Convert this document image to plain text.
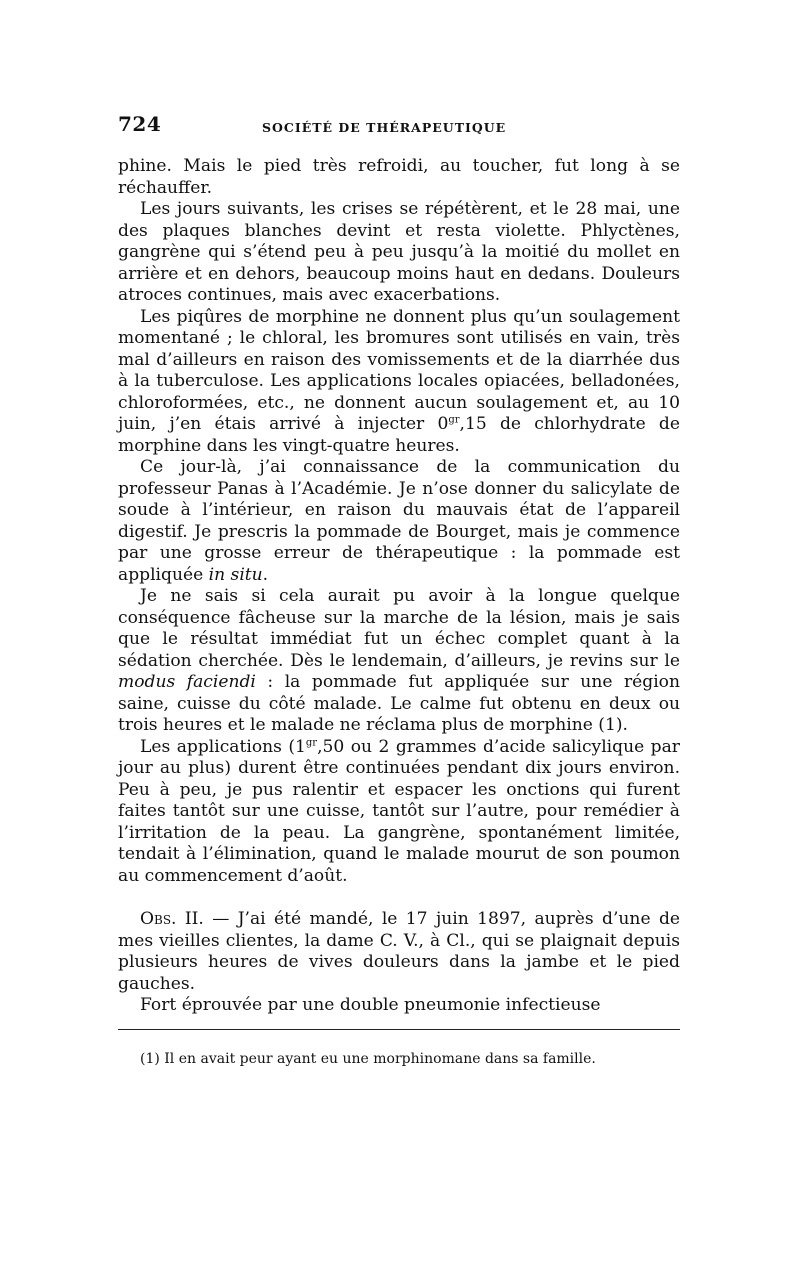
724	SOCIÉTÉ DE THÉRAPEUTIQUE

phine. Mais le pied très refroidi, au toucher, fut long à se réchauffer.

Les jours suivants, les crises se répétèrent, et le 28 mai, une des plaques blanches devint et resta violette. Phlyctènes, gangrène qui s’étend peu à peu jusqu’à la moitié du mollet en arrière et en dehors, beaucoup moins haut en dedans. Douleurs atroces continues, mais avec exacerbations.

Les piqûres de morphine ne donnent plus qu’un soulagement momentané ; le chloral, les bromures sont utilisés en vain, très mal d’ailleurs en raison des vomissements et de la diarrhée dus à la tuberculose. Les applications locales opiacées, belladonées, chloroformées, etc., ne donnent aucun soulagement et, au 10 juin, j’en étais arrivé à injecter $0^{gr},15$ de chlorhydrate de morphine dans les vingt-quatre heures.

Ce jour-là, j’ai connaissance de la communication du professeur Panas à l’Académie. Je n’ose donner du salicylate de soude à l’intérieur, en raison du mauvais état de l’appareil digestif. Je prescris la pommade de Bourget, mais je commence par une grosse erreur de thérapeutique : la pommade est appliquée in situ.

Je ne sais si cela aurait pu avoir à la longue quelque conséquence fâcheuse sur la marche de la lésion, mais je sais que le résultat immédiat fut un échec complet quant à la sédation cherchée. Dès le lendemain, d’ailleurs, je revins sur le modus faciendi : la pommade fut appliquée sur une région saine, cuisse du côté malade. Le calme fut obtenu en deux ou trois heures et le malade ne réclama plus de morphine (1).

Les applications ($1^{gr},50$ ou 2 grammes d’acide salicylique par jour au plus) durent être continuées pendant dix jours environ. Peu à peu, je pus ralentir et espacer les onctions qui furent faites tantôt sur une cuisse, tantôt sur l’autre, pour remédier à l’irritation de la peau. La gangrène, spontanément limitée, tendait à l’élimination, quand le malade mourut de son poumon au commencement d’août.

Obs. II. — J’ai été mandé, le 17 juin 1897, auprès d’une de mes vieilles clientes, la dame C. V., à Cl., qui se plaignait depuis plusieurs heures de vives douleurs dans la jambe et le pied gauches.

Fort éprouvée par une double pneumonie infectieuse

(1) Il en avait peur ayant eu une morphinomane dans sa famille.
